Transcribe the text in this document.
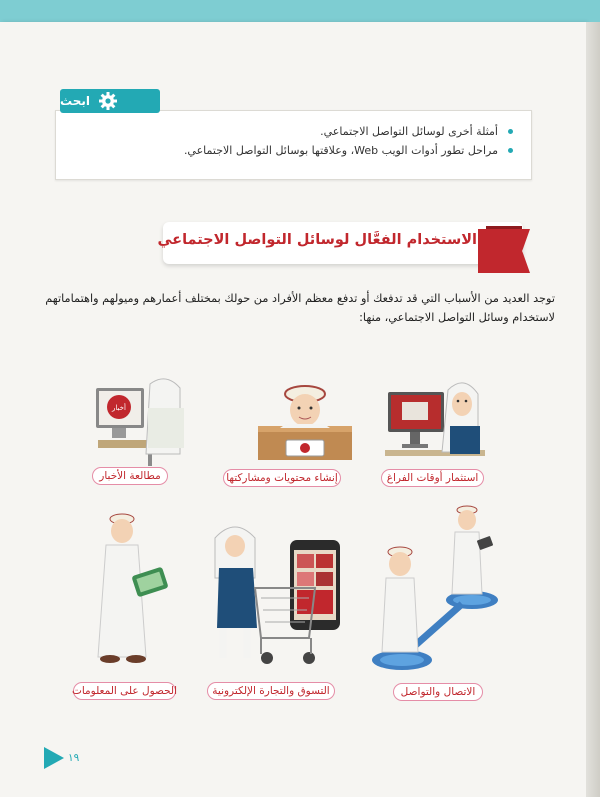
أمثلة أخرى لوسائل التواصل الاجتماعي.
مراحل تطور أدوات الويب Web، وعلاقتها بوسائل التواصل الاجتماعي.
ابحث
الاستخدام الفعَّال لوسائل التواصل الاجتماعي
توجد العديد من الأسباب التي قد تدفعك أو تدفع معظم الأفراد من حولك بمختلف أعمارهم وميولهم واهتماماتهم لاستخدام وسائل التواصل الاجتماعي، منها:
استثمار أوقات الفراغ
إنشاء محتويات ومشاركتها
أخبار
مطالعة الأخبار
الاتصال والتواصل
التسوق والتجارة الإلكترونية
الحصول على المعلومات
١٩
